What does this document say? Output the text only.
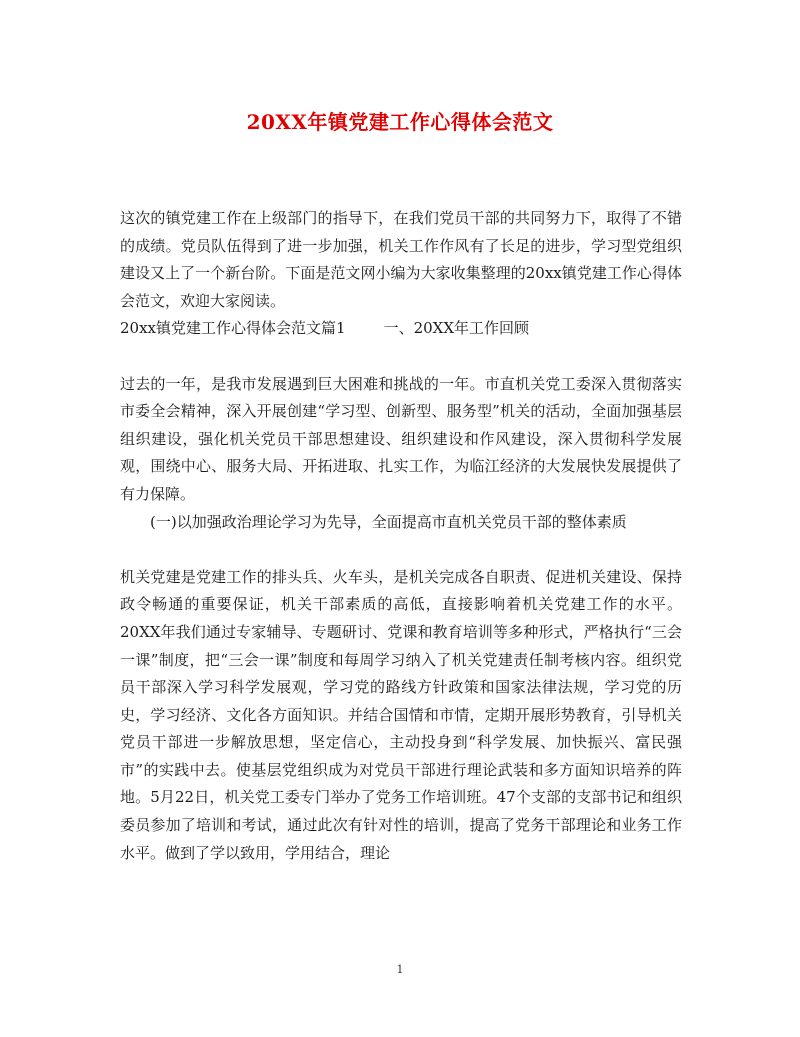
20XX年镇党建工作心得体会范文

这次的镇党建工作在上级部门的指导下，在我们党员干部的共同努力下，取得了不错的成绩。党员队伍得到了进一步加强，机关工作作风有了长足的进步，学习型党组织建设又上了一个新台阶。下面是范文网小编为大家收集整理的20xx镇党建工作心得体会范文，欢迎大家阅读。

20xx镇党建工作心得体会范文篇1	一、20XX年工作回顾

过去的一年，是我市发展遇到巨大困难和挑战的一年。市直机关党工委深入贯彻落实市委全会精神，深入开展创建“学习型、创新型、服务型”机关的活动，全面加强基层组织建设，强化机关党员干部思想建设、组织建设和作风建设，深入贯彻科学发展观，围绕中心、服务大局、开拓进取、扎实工作，为临江经济的大发展快发展提供了有力保障。

(一)以加强政治理论学习为先导，全面提高市直机关党员干部的整体素质

机关党建是党建工作的排头兵、火车头，是机关完成各自职责、促进机关建设、保持政令畅通的重要保证，机关干部素质的高低，直接影响着机关党建工作的水平。20XX年我们通过专家辅导、专题研讨、党课和教育培训等多种形式，严格执行“三会一课”制度，把“三会一课”制度和每周学习纳入了机关党建责任制考核内容。组织党员干部深入学习科学发展观，学习党的路线方针政策和国家法律法规，学习党的历史，学习经济、文化各方面知识。并结合国情和市情，定期开展形势教育，引导机关党员干部进一步解放思想，坚定信心，主动投身到“科学发展、加快振兴、富民强市”的实践中去。使基层党组织成为对党员干部进行理论武装和多方面知识培养的阵地。5月22日，机关党工委专门举办了党务工作培训班。47个支部的支部书记和组织委员参加了培训和考试，通过此次有针对性的培训，提高了党务干部理论和业务工作水平。做到了学以致用，学用结合，理论

1
